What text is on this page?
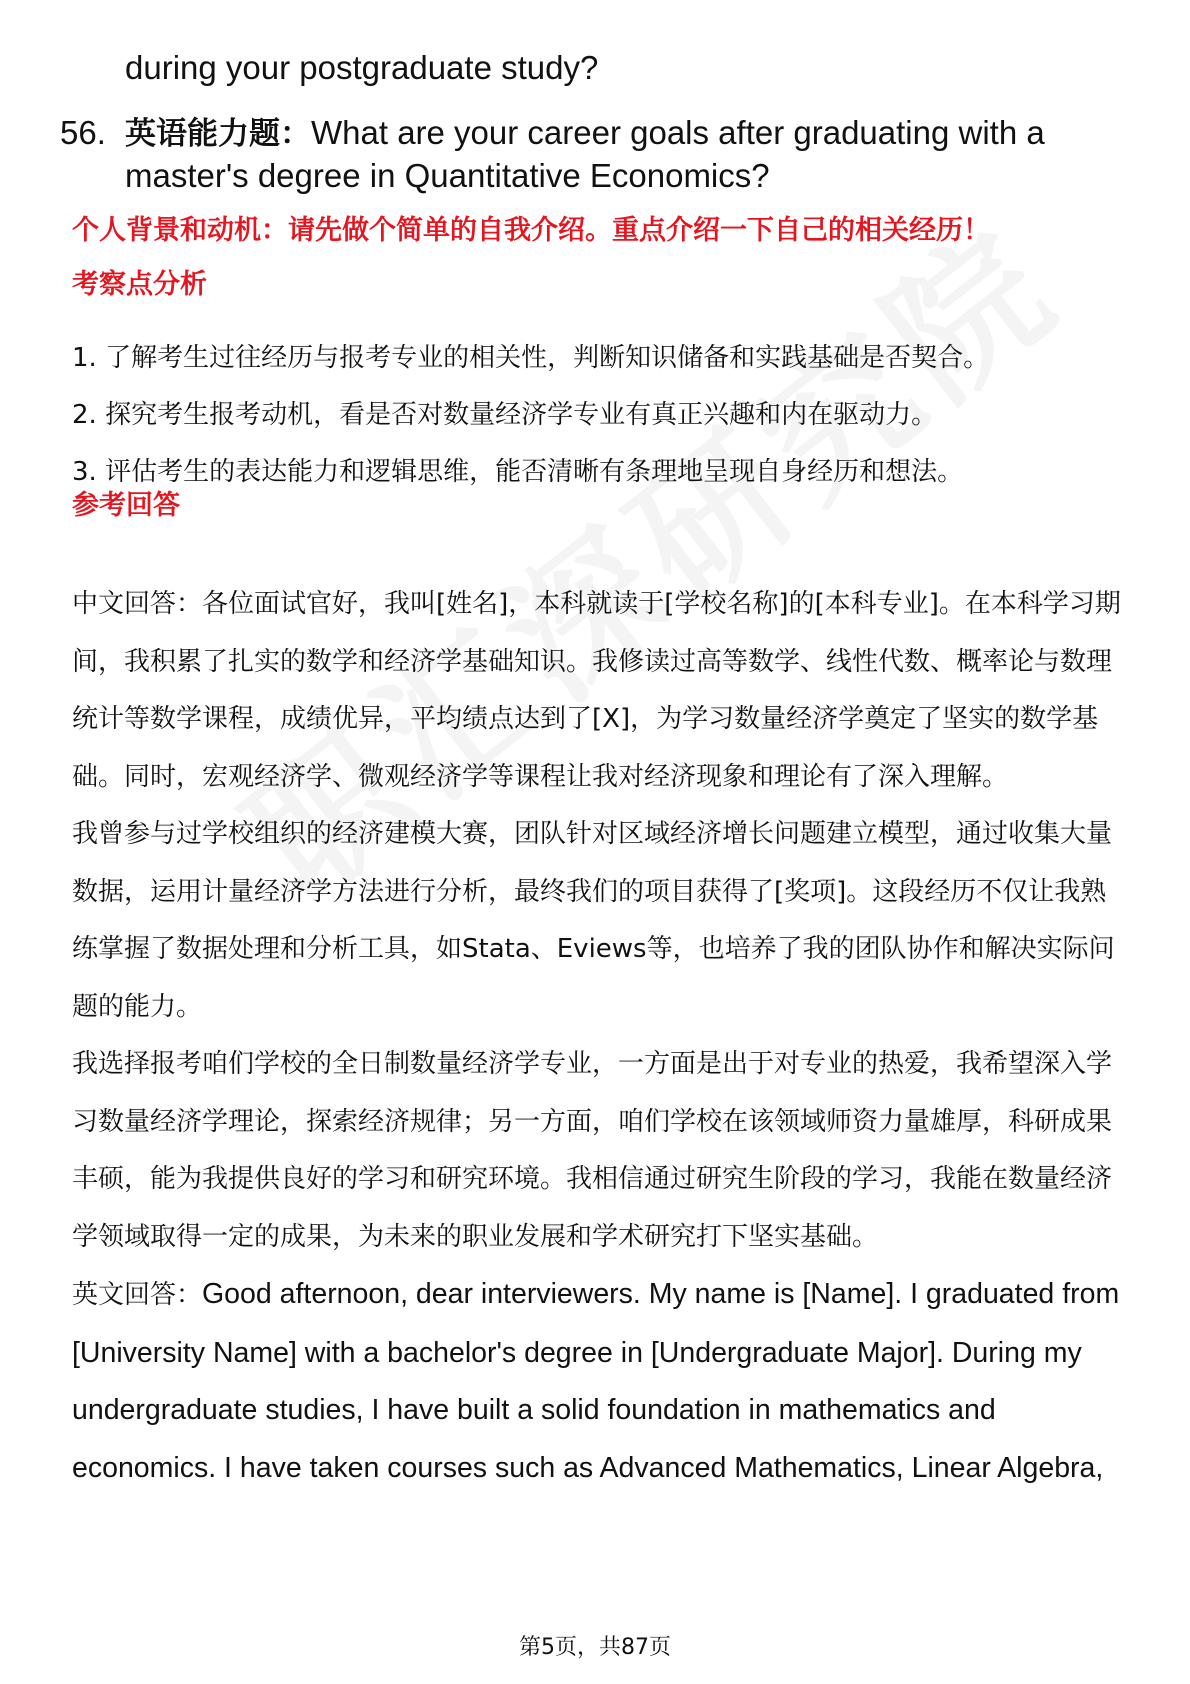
during your postgraduate study?

56. 英语能力题：What are your career goals after graduating with a master's degree in Quantitative Economics?

个人背景和动机：请先做个简单的自我介绍。重点介绍一下自己的相关经历！

考察点分析

1. 了解考生过往经历与报考专业的相关性，判断知识储备和实践基础是否契合。
2. 探究考生报考动机，看是否对数量经济学专业有真正兴趣和内在驱动力。
3. 评估考生的表达能力和逻辑思维，能否清晰有条理地呈现自身经历和想法。

参考回答

中文回答：各位面试官好，我叫[姓名]，本科就读于[学校名称]的[本科专业]。在本科学习期间，我积累了扎实的数学和经济学基础知识。我修读过高等数学、线性代数、概率论与数理统计等数学课程，成绩优异，平均绩点达到了[X]，为学习数量经济学奠定了坚实的数学基础。同时，宏观经济学、微观经济学等课程让我对经济现象和理论有了深入理解。

我曾参与过学校组织的经济建模大赛，团队针对区域经济增长问题建立模型，通过收集大量数据，运用计量经济学方法进行分析，最终我们的项目获得了[奖项]。这段经历不仅让我熟练掌握了数据处理和分析工具，如Stata、Eviews等，也培养了我的团队协作和解决实际问题的能力。

我选择报考咱们学校的全日制数量经济学专业，一方面是出于对专业的热爱，我希望深入学习数量经济学理论，探索经济规律；另一方面，咱们学校在该领域师资力量雄厚，科研成果丰硕，能为我提供良好的学习和研究环境。我相信通过研究生阶段的学习，我能在数量经济学领域取得一定的成果，为未来的职业发展和学术研究打下坚实基础。

英文回答：Good afternoon, dear interviewers. My name is [Name]. I graduated from [University Name] with a bachelor's degree in [Undergraduate Major]. During my undergraduate studies, I have built a solid foundation in mathematics and economics. I have taken courses such as Advanced Mathematics, Linear Algebra,

第5页，共87页
